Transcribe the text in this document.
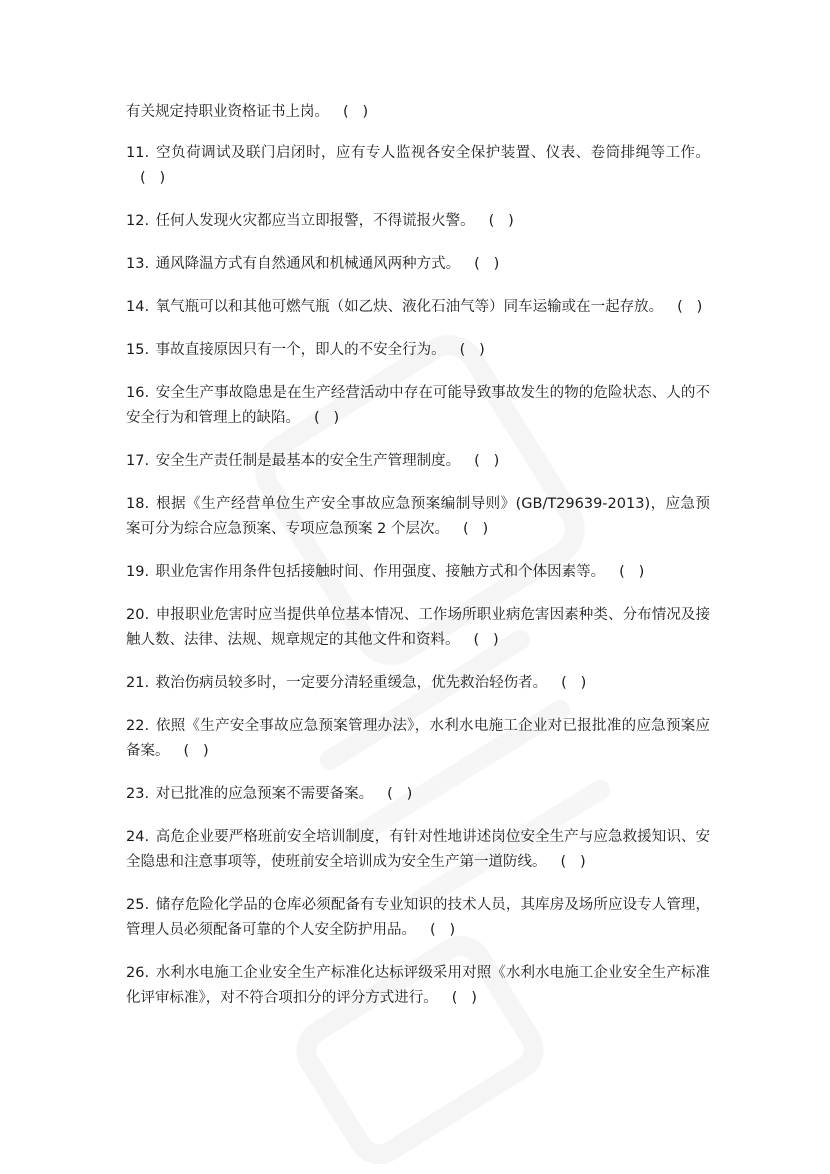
有关规定持职业资格证书上岗。 (   )

11. 空负荷调试及联门启闭时，应有专人监视各安全保护装置、仪表、卷筒排绳等工作。(   )

12. 任何人发现火灾都应当立即报警，不得谎报火警。 (   )

13. 通风降温方式有自然通风和机械通风两种方式。 (   )

14. 氧气瓶可以和其他可燃气瓶（如乙炔、液化石油气等）同车运输或在一起存放。 (   )

15. 事故直接原因只有一个，即人的不安全行为。 (   )

16. 安全生产事故隐患是在生产经营活动中存在可能导致事故发生的物的危险状态、人的不安全行为和管理上的缺陷。 (   )

17. 安全生产责任制是最基本的安全生产管理制度。 (   )

18. 根据《生产经营单位生产安全事故应急预案编制导则》(GB/T29639-2013)，应急预案可分为综合应急预案、专项应急预案 2 个层次。 (   )

19. 职业危害作用条件包括接触时间、作用强度、接触方式和个体因素等。 (   )

20. 申报职业危害时应当提供单位基本情况、工作场所职业病危害因素种类、分布情况及接触人数、法律、法规、规章规定的其他文件和资料。 (   )

21. 救治伤病员较多时，一定要分清轻重缓急，优先救治轻伤者。 (   )

22. 依照《生产安全事故应急预案管理办法》，水利水电施工企业对已报批准的应急预案应备案。 (   )

23. 对已批准的应急预案不需要备案。 (   )

24. 高危企业要严格班前安全培训制度，有针对性地讲述岗位安全生产与应急救援知识、安全隐患和注意事项等，使班前安全培训成为安全生产第一道防线。 (   )

25. 储存危险化学品的仓库必须配备有专业知识的技术人员，其库房及场所应设专人管理，管理人员必须配备可靠的个人安全防护用品。 (   )

26. 水利水电施工企业安全生产标准化达标评级采用对照《水利水电施工企业安全生产标准化评审标准》，对不符合项扣分的评分方式进行。 (   )
